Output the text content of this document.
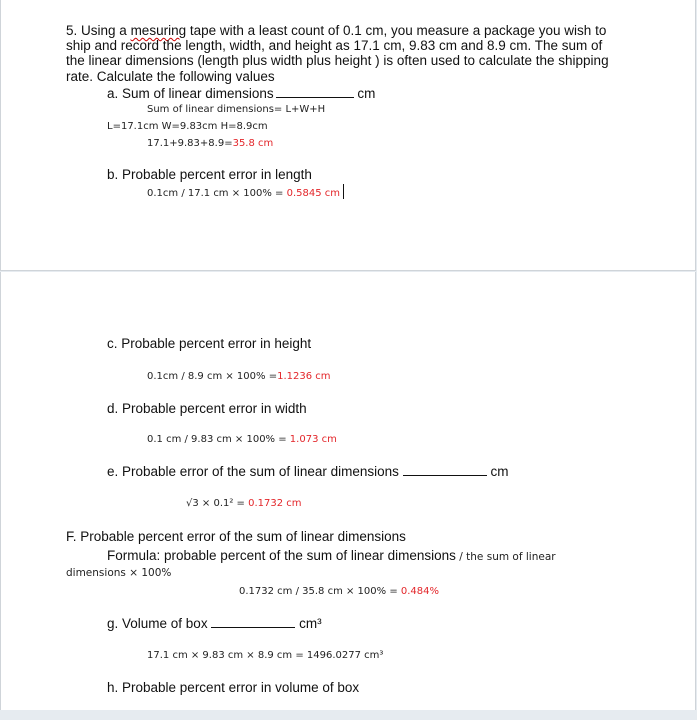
5. Using a mesuring tape with a least count of 0.1 cm, you measure a package you wish to
ship and record the length, width, and height as 17.1 cm, 9.83 cm and 8.9 cm. The sum of
the linear dimensions (length plus width plus height ) is often used to calculate the shipping
rate. Calculate the following values
a. Sum of linear dimensions	cm
Sum of linear dimensions= L+W+H
L=17.1cm W=9.83cm H=8.9cm
17.1+9.83+8.9=35.8 cm
b. Probable percent error in length
0.1cm / 17.1 cm × 100% = 0.5845 cm
c. Probable percent error in height
0.1cm / 8.9 cm × 100% =1.1236 cm
d. Probable percent error in width
0.1 cm / 9.83 cm × 100% = 1.073 cm
e. Probable error of the sum of linear dimensions	cm
√3 × 0.1² = 0.1732 cm
F. Probable percent error of the sum of linear dimensions
Formula: probable percent of the sum of linear dimensions / the sum of linear
dimensions × 100%
0.1732 cm / 35.8 cm × 100% = 0.484%
g. Volume of box	cm³
17.1 cm × 9.83 cm × 8.9 cm = 1496.0277 cm³
h. Probable percent error in volume of box
